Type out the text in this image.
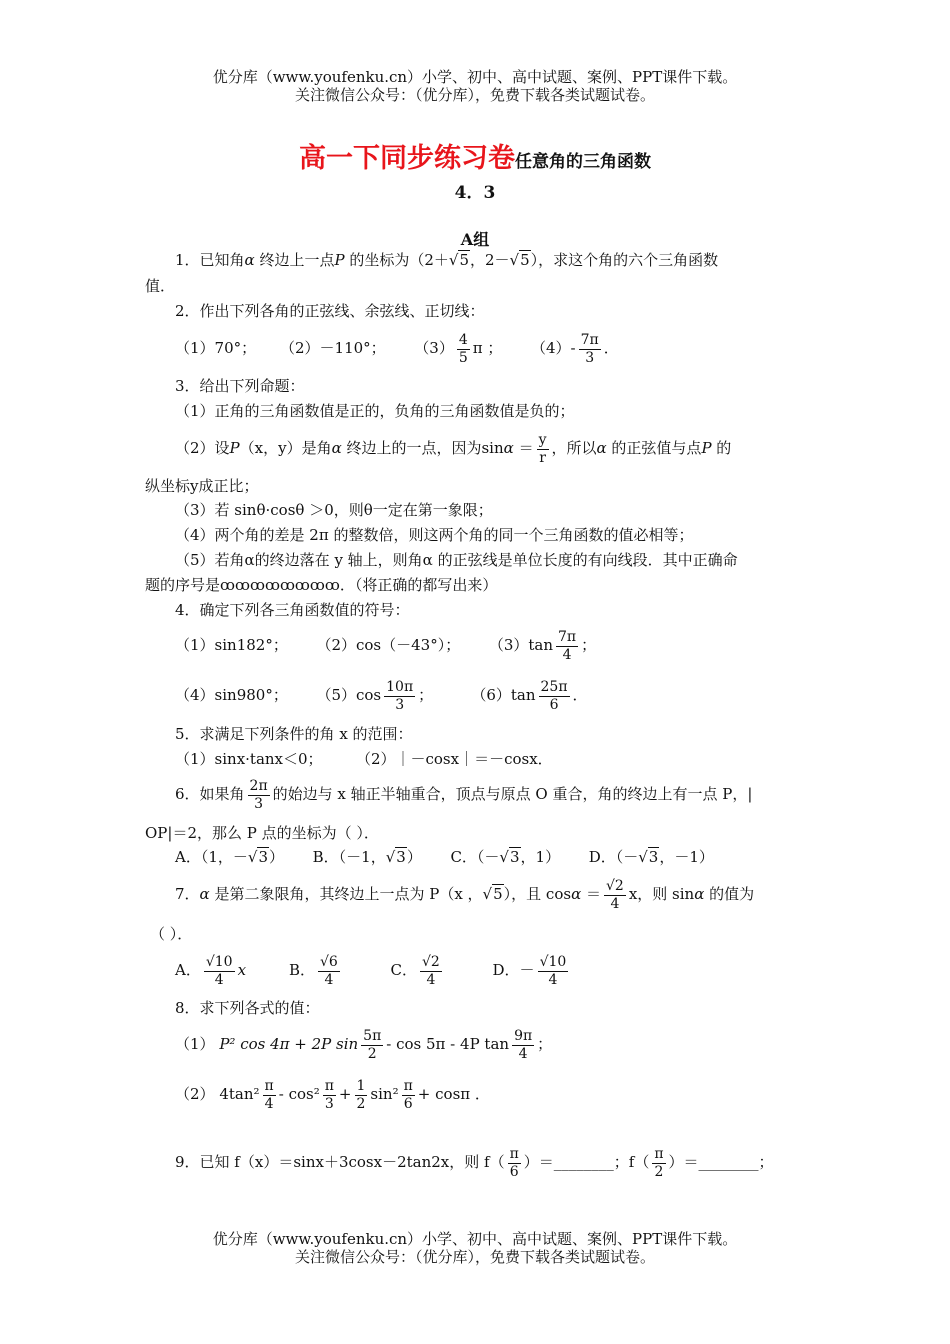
优分库（www.youfenku.cn）小学、初中、高中试题、案例、PPT课件下载。
关注微信公众号：（优分库），免费下载各类试题试卷。
高一下同步练习卷任意角的三角函数
4．3
A组
1．已知角α 终边上一点P 的坐标为（2＋√5，2－√5），求这个角的六个三角函数
值．
2．作出下列各角的正弦线、余弦线、正切线：
（1）70°； （2）－110°； $(3) \frac{4}{5}$ π ； $(4)- \frac{7\pi}{3}$ ．
3．给出下列命题：
（1）正角的三角函数值是正的，负角的三角函数值是负的；
（2）设P（x，y）是角α 终边上的一点，因为$\sin\alpha = \frac{y}{r}$ ，所以α 的正弦值与点P 的
纵坐标y成正比；
（3）若 sinθ·cosθ ＞0，则θ一定在第一象限；
（4）两个角的差是 2π 的整数倍，则这两个角的同一个三角函数的值必相等；
（5）若角α的终边落在 y 轴上，则角α 的正弦线是单位长度的有向线段．其中正确命
题的序号是ꝏꝏꝏꝏꝏꝏꝏꝏ．（将正确的都写出来）
4．确定下列各三角函数值的符号：
（1）sin182°； （2）cos（－43°）； $(3)\tan \frac{7\pi}{4}$ ；
（4）sin980°； $(5)\cos \frac{10\pi}{3}$ ；	$(6)\tan \frac{25\pi}{6}$ ．
5．求满足下列条件的角 x 的范围：
（1）sinx·tanx＜0； （2）｜－cosx｜＝－cosx．
6．如果角 $\frac{2\pi}{3}$ 的始边与 x 轴正半轴重合，顶点与原点 O 重合，角的终边上有一点 P，|
OP|＝2，那么 P 点的坐标为（ ）．
A．（1，－√3） B．（－1，√3） C．（－√3，1） D．（－√3，－1）
7．α 是第二象限角，其终边上一点为 P（x ，√5），且 $\cos\alpha = \frac{√2}{4}$ x，则 sinα 的值为
（ ）．
A． $\frac{√10}{4}$ x	B． $\frac{√6}{4}$	C． $\frac{√2}{4}$	D．－ $\frac{√10}{4}$
8．求下列各式的值：
（1） P² cos 4π + 2P $\sin \frac{5\pi}{2}$ - cos 5π - 4P $\tan \frac{9\pi}{4}$ ；
（2） $4\tan^2 \frac{\pi}{4} - \cos^2 \frac{\pi}{3} + \frac{1}{2} \sin^2 \frac{\pi}{6} + \cos\pi$ ．
9．已知 f（x）＝sinx＋3cosx－2tan2x，则 $f( \frac{\pi}{6}$ ）＝________；$f( \frac{\pi}{2}$ ）＝________；
优分库（www.youfenku.cn）小学、初中、高中试题、案例、PPT课件下载。
关注微信公众号：（优分库），免费下载各类试题试卷。
